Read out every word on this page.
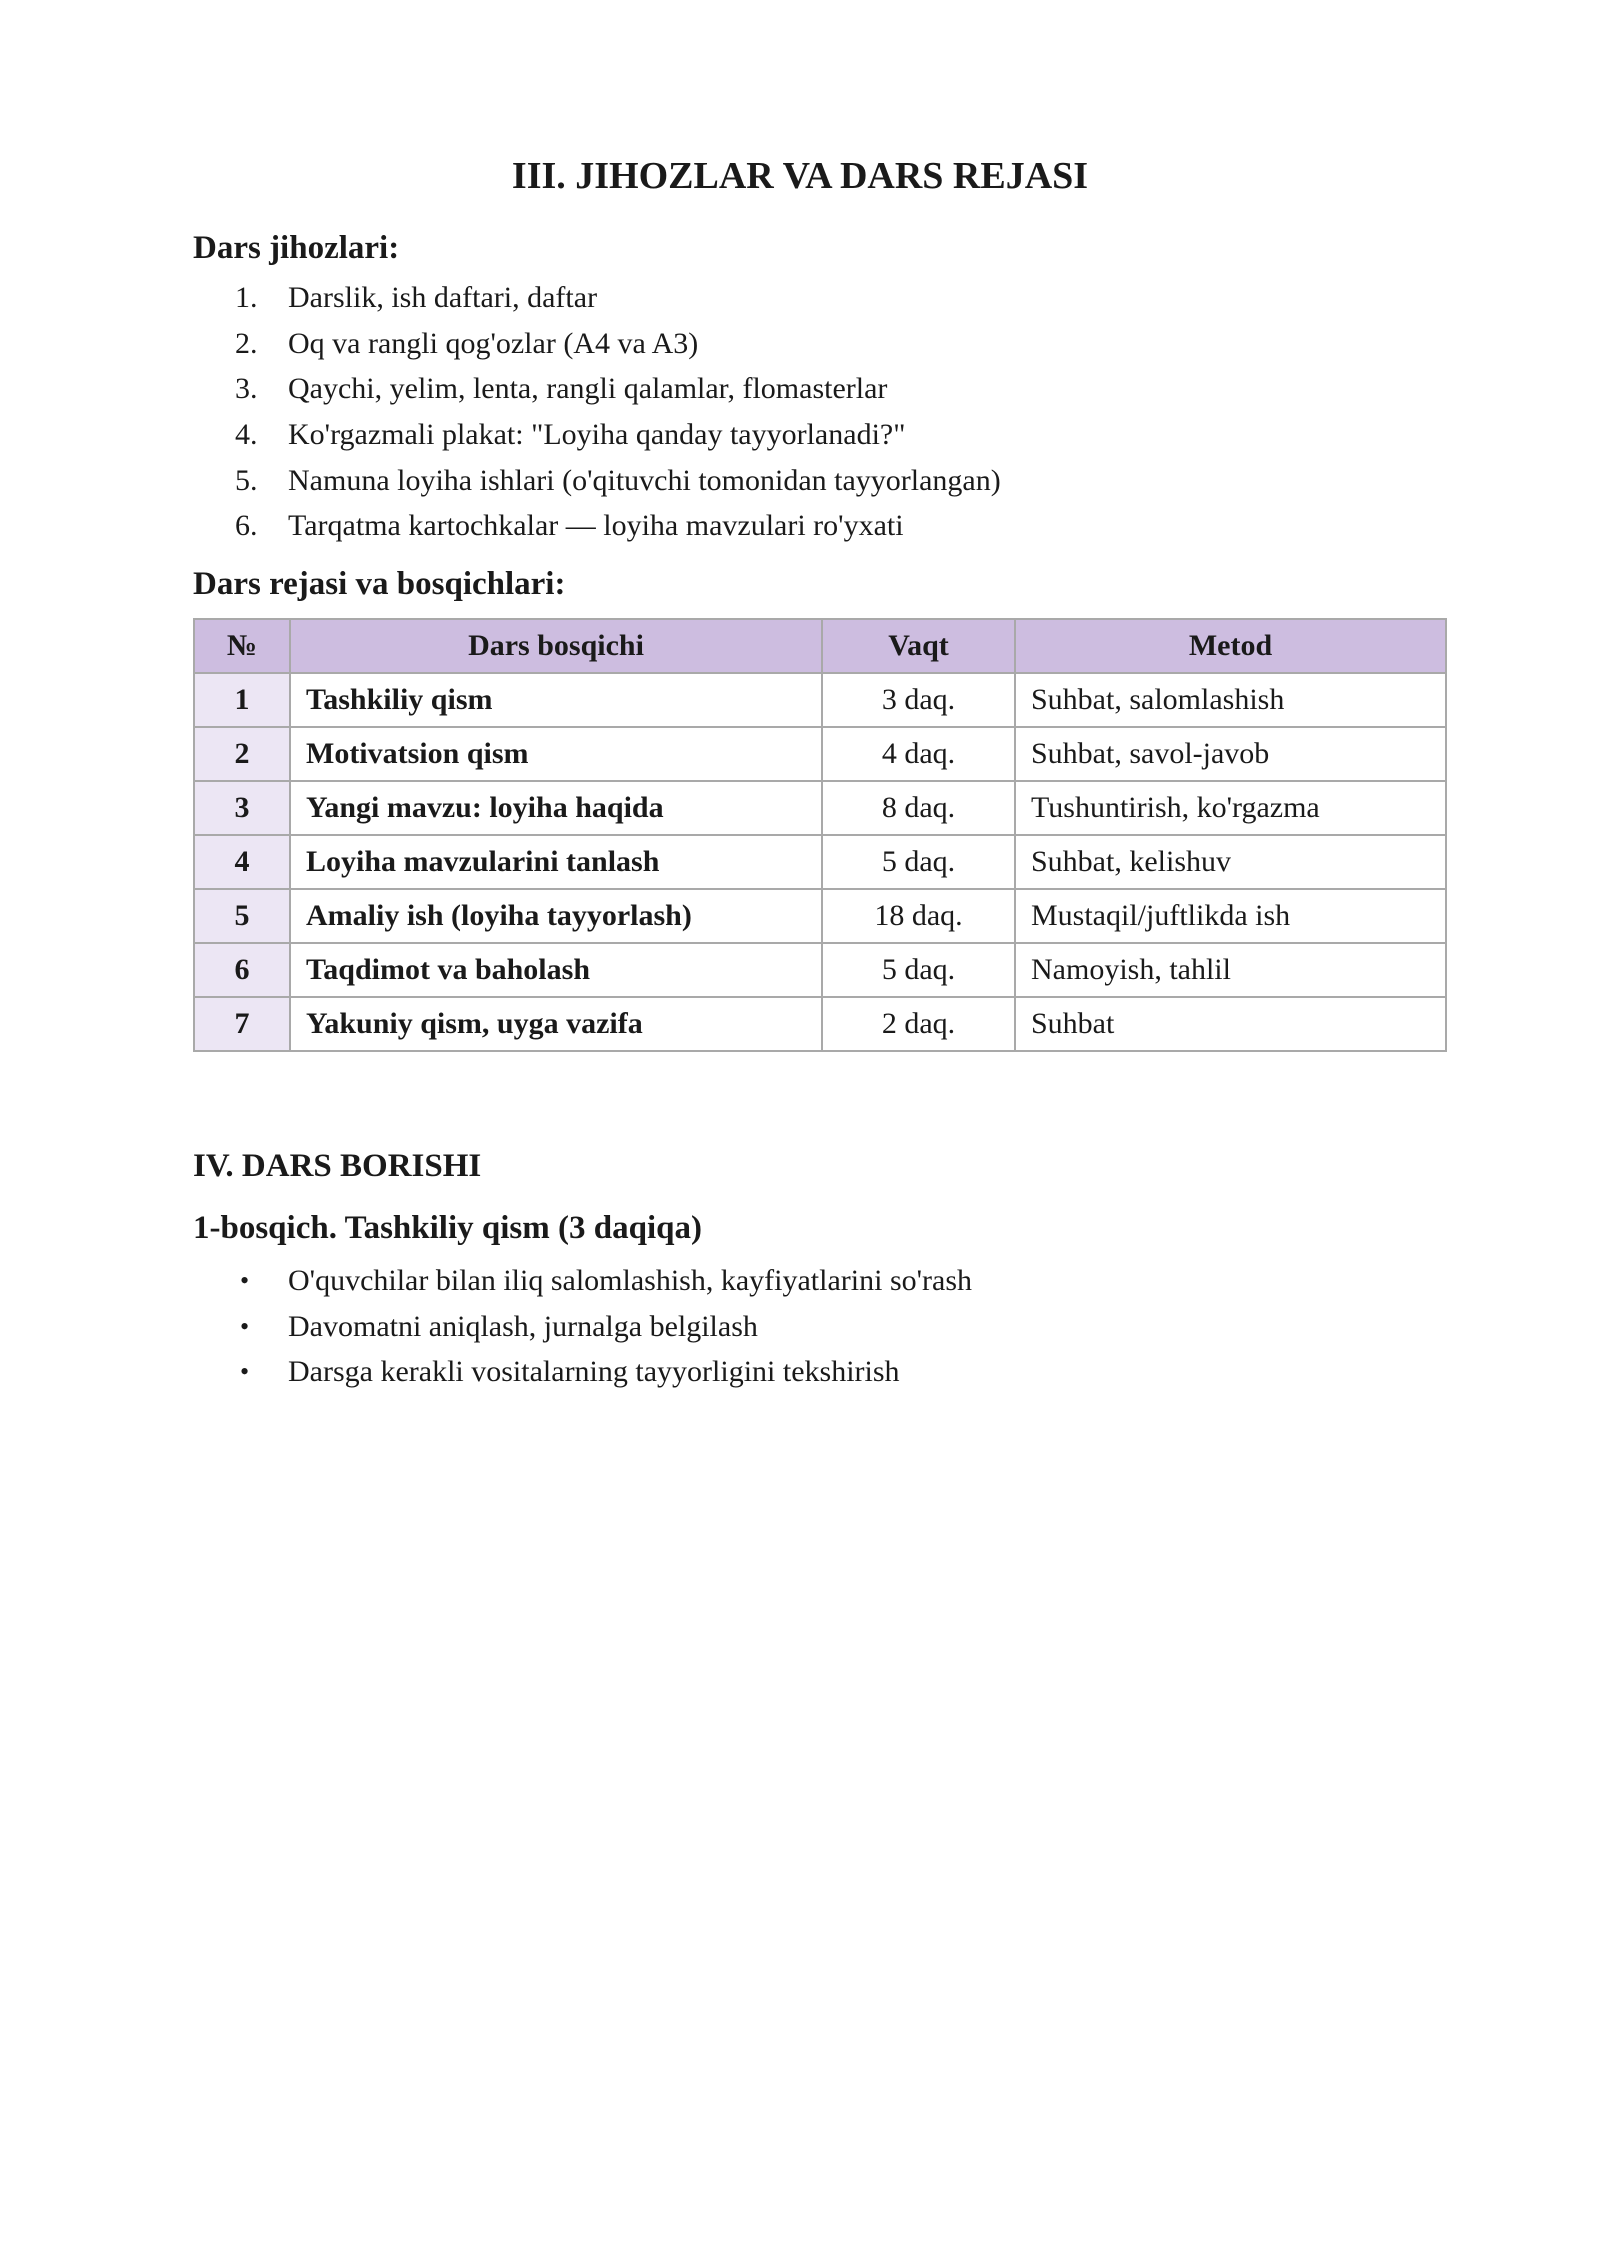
III. JIHOZLAR VA DARS REJASI
Dars jihozlari:
1. Darslik, ish daftari, daftar
2. Oq va rangli qog'ozlar (A4 va A3)
3. Qaychi, yelim, lenta, rangli qalamlar, flomasterlar
4. Ko'rgazmali plakat: "Loyiha qanday tayyorlanadi?"
5. Namuna loyiha ishlari (o'qituvchi tomonidan tayyorlangan)
6. Tarqatma kartochkalar — loyiha mavzulari ro'yxati
Dars rejasi va bosqichlari:
№	Dars bosqichi	Vaqt	Metod
1	Tashkiliy qism	3 daq.	Suhbat, salomlashish
2	Motivatsion qism	4 daq.	Suhbat, savol-javob
3	Yangi mavzu: loyiha haqida	8 daq.	Tushuntirish, ko'rgazma
4	Loyiha mavzularini tanlash	5 daq.	Suhbat, kelishuv
5	Amaliy ish (loyiha tayyorlash)	18 daq.	Mustaqil/juftlikda ish
6	Taqdimot va baholash	5 daq.	Namoyish, tahlil
7	Yakuniy qism, uyga vazifa	2 daq.	Suhbat
IV. DARS BORISHI
1-bosqich. Tashkiliy qism (3 daqiqa)
• O'quvchilar bilan iliq salomlashish, kayfiyatlarini so'rash
• Davomatni aniqlash, jurnalga belgilash
• Darsga kerakli vositalarning tayyorligini tekshirish
